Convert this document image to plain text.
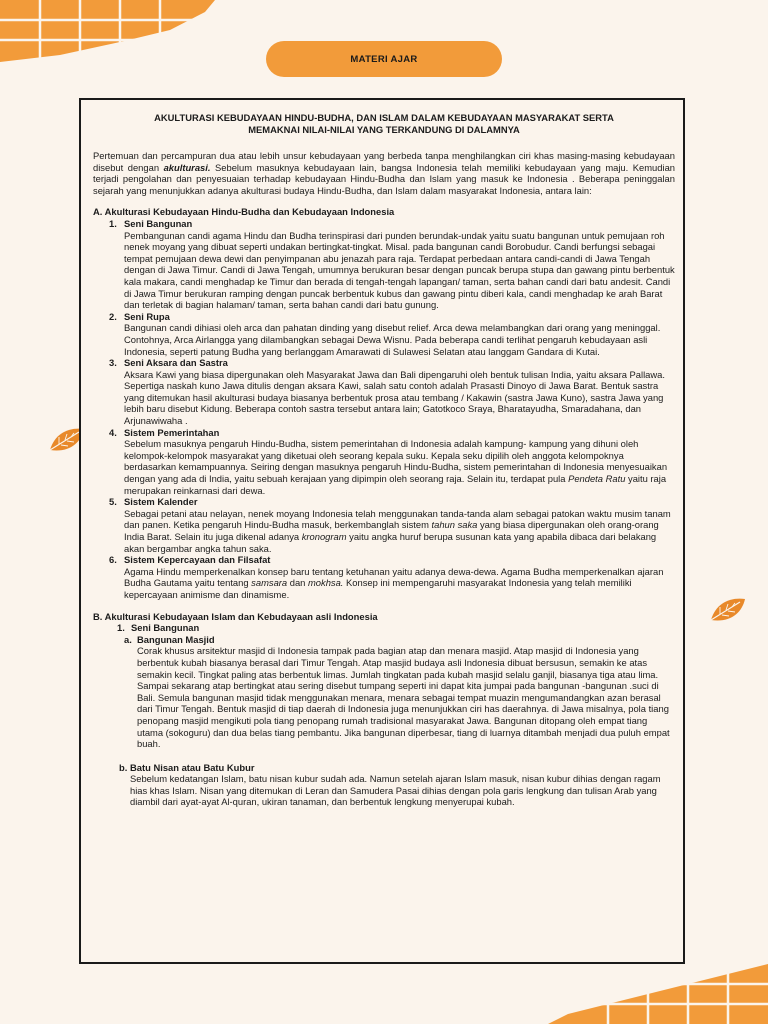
MATERI AJAR
AKULTURASI KEBUDAYAAN HINDU-BUDHA, DAN ISLAM DALAM KEBUDAYAAN MASYARAKAT SERTA
MEMAKNAI NILAI-NILAI YANG TERKANDUNG DI DALAMNYA

Pertemuan dan percampuran dua atau lebih unsur kebudayaan yang berbeda tanpa menghilangkan ciri khas masing-masing kebudayaan disebut dengan akulturasi. Sebelum masuknya kebudayaan lain, bangsa Indonesia telah memiliki kebudayaan yang maju. Kemudian terjadi pengolahan dan penyesuaian terhadap kebudayaan Hindu-Budha dan Islam yang masuk ke Indonesia . Beberapa peninggalan sejarah yang menunjukkan adanya akulturasi budaya Hindu-Budha, dan Islam dalam masyarakat Indonesia, antara lain:

A. Akulturasi Kebudayaan Hindu-Budha dan Kebudayaan Indonesia

1. Seni Bangunan

Pembangunan candi agama Hindu dan Budha terinspirasi dari punden berundak-undak yaitu suatu bangunan untuk pemujaan roh nenek moyang yang dibuat seperti undakan bertingkat-tingkat. Misal. pada bangunan candi Borobudur. Candi berfungsi sebagai tempat pemujaan dewa dewi dan penyimpanan abu jenazah para raja. Terdapat perbedaan antara candi-candi di Jawa Tengah dengan di Jawa Timur. Candi di Jawa Tengah, umumnya berukuran besar dengan puncak berupa stupa dan gawang pintu berbentuk kala makara, candi menghadap ke Timur dan berada di tengah-tengah lapangan/ taman, serta bahan candi dari batu andesit. Candi di Jawa Timur berukuran ramping dengan puncak berbentuk kubus dan gawang pintu diberi kala, candi menghadap ke arah Barat dan terletak di bagian halaman/ taman, serta bahan candi dari batu gunung.

2. Seni Rupa

Bangunan candi dihiasi oleh arca dan pahatan dinding yang disebut relief. Arca dewa melambangkan dari orang yang meninggal. Contohnya, Arca Airlangga yang dilambangkan sebagai Dewa Wisnu. Pada beberapa candi terlihat pengaruh kebudayaan asli Indonesia, seperti patung Budha yang berlanggam Amarawati di Sulawesi Selatan atau langgam Gandara di Kutai.

3. Seni Aksara dan Sastra

Aksara Kawi yang biasa dipergunakan oleh Masyarakat Jawa dan Bali dipengaruhi oleh bentuk tulisan India, yaitu aksara Pallawa. Sepertiga naskah kuno Jawa ditulis dengan aksara Kawi, salah satu contoh adalah Prasasti Dinoyo di Jawa Barat. Bentuk sastra yang ditemukan hasil akulturasi budaya biasanya berbentuk prosa atau tembang / Kakawin (sastra Jawa Kuno), sastra Jawa yang lebih baru disebut Kidung. Beberapa contoh sastra tersebut antara lain; Gatotkoco Sraya, Bharatayudha, Smaradahana, dan Arjunawiwaha .

4. Sistem Pemerintahan

Sebelum masuknya pengaruh Hindu-Budha, sistem pemerintahan di Indonesia adalah kampung- kampung yang dihuni oleh kelompok-kelompok masyarakat yang diketuai oleh seorang kepala suku. Kepala seku dipilih oleh anggota kelompoknya berdasarkan kemampuannya. Seiring dengan masuknya pengaruh Hindu-Budha, sistem pemerintahan di Indonesia menyesuaikan dengan yang ada di India, yaitu sebuah kerajaan yang dipimpin oleh seorang raja. Selain itu, terdapat pula Pendeta Ratu yaitu raja merupakan reinkarnasi dari dewa.

5. Sistem Kalender

Sebagai petani atau nelayan, nenek moyang Indonesia telah menggunakan tanda-tanda alam sebagai patokan waktu musim tanam dan panen. Ketika pengaruh Hindu-Budha masuk, berkembanglah sistem tahun saka yang biasa dipergunakan oleh orang-orang India Barat. Selain itu juga dikenal adanya kronogram yaitu angka huruf berupa susunan kata yang apabila dibaca dari belakang akan bergambar angka tahun saka.

6. Sistem Kepercayaan dan Filsafat

Agama Hindu memperkenalkan konsep baru tentang ketuhanan yaitu adanya dewa-dewa. Agama Budha memperkenalkan ajaran Budha Gautama yaitu tentang samsara dan mokhsa. Konsep ini mempengaruhi masyarakat Indonesia yang telah memiliki kepercayaan animisme dan dinamisme.

B. Akulturasi Kebudayaan Islam dan Kebudayaan asli Indonesia

1. Seni Bangunan
a. Bangunan Masjid

Corak khusus arsitektur masjid di Indonesia tampak pada bagian atap dan menara masjid. Atap masjid di Indonesia yang berbentuk kubah biasanya berasal dari Timur Tengah. Atap masjid budaya asli Indonesia dibuat bersusun, semakin ke atas semakin kecil. Tingkat paling atas berbentuk limas. Jumlah tingkatan pada kubah masjid selalu ganjil, biasanya tiga atau lima. Sampai sekarang atap bertingkat atau sering disebut tumpang seperti ini dapat kita jumpai pada bangunan -bangunan .suci di Bali. Semula bangunan masjid tidak menggunakan menara, menara sebagai tempat muazin mengumandangkan azan berasal dari Timur Tengah. Bentuk masjid di tiap daerah di Indonesia juga menunjukkan ciri has daerahnya. di Jawa misalnya, pola tiang penopang masjid mengikuti pola tiang penopang rumah tradisional masyarakat Jawa. Bangunan ditopang oleh empat tiang utama (sokoguru) dan dua belas tiang pembantu. Jika bangunan diperbesar, tiang di luarnya ditambah menjadi dua puluh empat buah.

b. Batu Nisan atau Batu Kubur

Sebelum kedatangan Islam, batu nisan kubur sudah ada. Namun setelah ajaran Islam masuk, nisan kubur dihias dengan ragam hias khas Islam. Nisan yang ditemukan di Leran dan Samudera Pasai dihias dengan pola garis lengkung dan tulisan Arab yang diambil dari ayat-ayat Al-quran, ukiran tanaman, dan berbentuk lengkung menyerupai kubah.
